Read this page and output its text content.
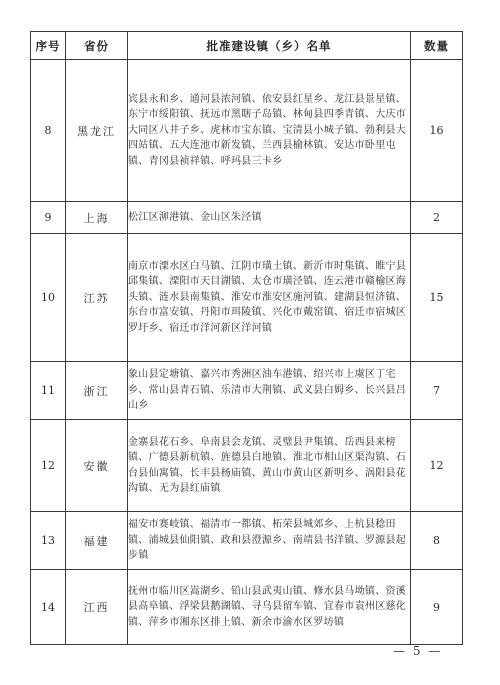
序号	省份	批准建设镇（乡）名单	数量
8	黑龙江	宾县永和乡、通河县浓河镇、依安县红星乡、龙江县景星镇、东宁市绥阳镇、抚远市黑瞎子岛镇、林甸县四季青镇、大庆市大同区八井子乡、虎林市宝东镇、宝清县小城子镇、勃利县大四站镇、五大连池市新发镇、兰西县榆林镇、安达市卧里屯镇、青冈县祯祥镇、呼玛县三卡乡	16
9	上海	松江区泖港镇、金山区朱泾镇	2
10	江苏	南京市溧水区白马镇、江阴市璜土镇、新沂市时集镇、睢宁县邱集镇、溧阳市天目湖镇、太仓市璜泾镇、连云港市赣榆区海头镇、涟水县南集镇、淮安市淮安区施河镇、建湖县恒济镇、东台市富安镇、丹阳市珥陵镇、兴化市戴窑镇、宿迁市宿城区罗圩乡、宿迁市洋河新区洋河镇	15
11	浙江	象山县定塘镇、嘉兴市秀洲区油车港镇、绍兴市上虞区丁宅乡、常山县青石镇、乐清市大荆镇、武义县白姆乡、长兴县吕山乡	7
12	安徽	金寨县花石乡、阜南县会龙镇、灵璧县尹集镇、岳西县来榜镇、广德县新杭镇、旌德县白地镇、淮北市相山区渠沟镇、石台县仙寓镇、长丰县杨庙镇、黄山市黄山区新明乡、涡阳县花沟镇、无为县红庙镇	12
13	福建	福安市赛岐镇、福清市一都镇、柘荣县城郊乡、上杭县稔田镇、浦城县仙阳镇、政和县澄源乡、南靖县书洋镇、罗源县起步镇	8
14	江西	抚州市临川区嵩湖乡、铅山县武夷山镇、修水县马坳镇、资溪县高阜镇、浮梁县鹅湖镇、寻乌县留车镇、宜春市袁州区慈化镇、萍乡市湘东区排上镇、新余市渝水区罗坊镇	9
— 5 —
